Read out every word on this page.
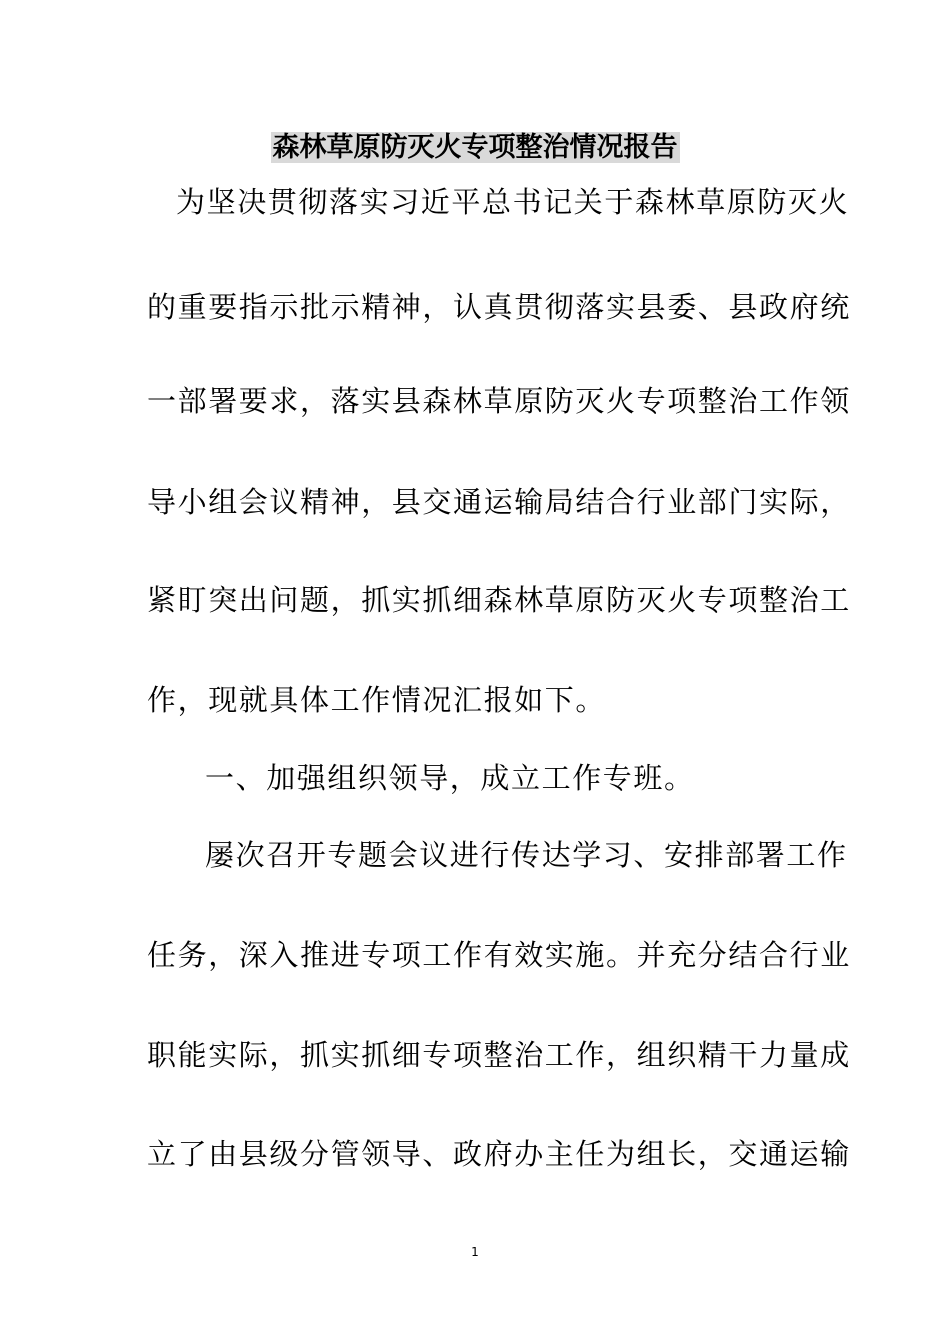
森林草原防灭火专项整治情况报告
为坚决贯彻落实习近平总书记关于森林草原防灭火
的重要指示批示精神，认真贯彻落实县委、县政府统
一部署要求，落实县森林草原防灭火专项整治工作领
导小组会议精神，县交通运输局结合行业部门实际，
紧盯突出问题，抓实抓细森林草原防灭火专项整治工
作，现就具体工作情况汇报如下。
一、加强组织领导，成立工作专班。
屡次召开专题会议进行传达学习、安排部署工作
任务，深入推进专项工作有效实施。并充分结合行业
职能实际，抓实抓细专项整治工作，组织精干力量成
立了由县级分管领导、政府办主任为组长，交通运输
1
